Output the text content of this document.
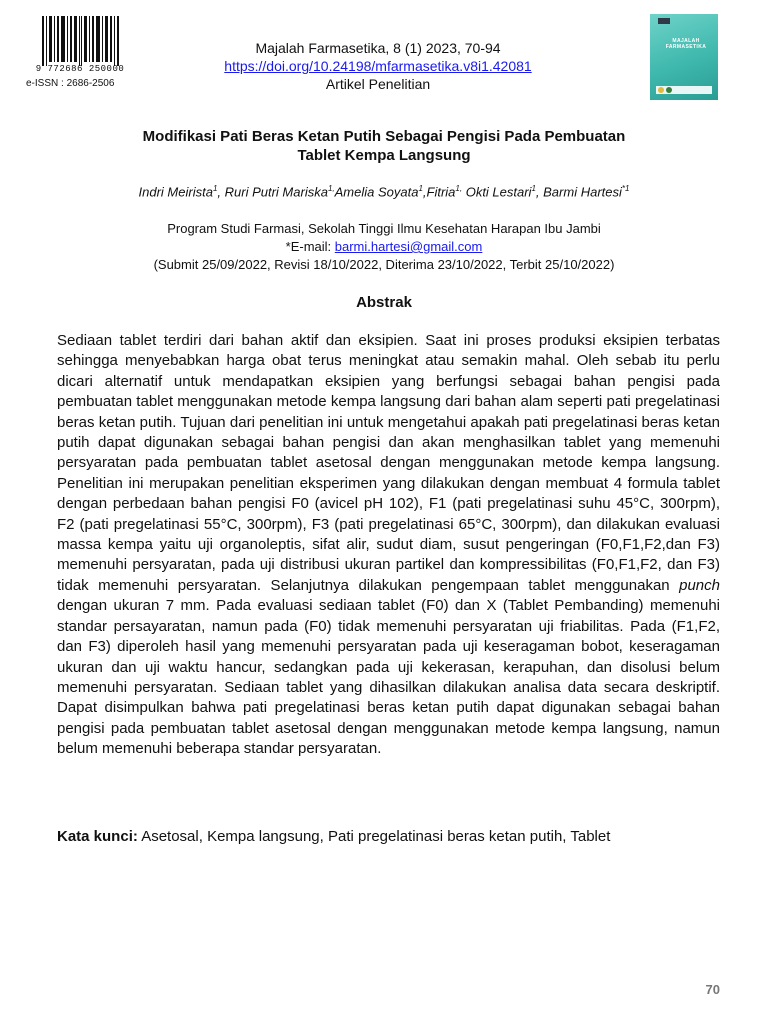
9 772686 250000
e-ISSN : 2686-2506
Majalah Farmasetika, 8 (1) 2023, 70-94
https://doi.org/10.24198/mfarmasetika.v8i1.42081
Artikel Penelitian
MAJALAH
FARMASETIKA
Modifikasi Pati Beras Ketan Putih Sebagai Pengisi Pada Pembuatan
Tablet Kempa Langsung
Indri Meirista$^1$, Ruri Putri Mariska$^{1,}$Amelia Soyata$^1$,Fitria$^{1,}$ Okti Lestari$^1$, Barmi Hartesi$^{*1}$
Program Studi Farmasi, Sekolah Tinggi Ilmu Kesehatan Harapan Ibu Jambi
*E-mail: barmi.hartesi@gmail.com
(Submit 25/09/2022, Revisi 18/10/2022, Diterima 23/10/2022, Terbit 25/10/2022)
Abstrak

Sediaan tablet terdiri dari bahan aktif dan eksipien. Saat ini proses produksi eksipien terbatas sehingga menyebabkan harga obat terus meningkat atau semakin mahal. Oleh sebab itu perlu dicari alternatif untuk mendapatkan eksipien yang berfungsi sebagai bahan pengisi pada pembuatan tablet menggunakan metode kempa langsung dari bahan alam seperti pati pregelatinasi beras ketan putih. Tujuan dari penelitian ini untuk mengetahui apakah pati pregelatinasi beras ketan putih dapat digunakan sebagai bahan pengisi dan akan menghasilkan tablet yang memenuhi persyaratan pada pembuatan tablet asetosal dengan menggunakan metode kempa langsung. Penelitian ini merupakan penelitian eksperimen yang dilakukan dengan membuat 4 formula tablet dengan perbedaan bahan pengisi F0 (avicel pH 102), F1 (pati pregelatinasi suhu 45°C, 300rpm), F2 (pati pregelatinasi 55°C, 300rpm), F3 (pati pregelatinasi 65°C, 300rpm), dan dilakukan evaluasi massa kempa yaitu uji organoleptis, sifat alir, sudut diam, susut pengeringan (F0,F1,F2,dan F3) memenuhi persyaratan, pada uji distribusi ukuran partikel dan kompressibilitas (F0,F1,F2, dan F3) tidak memenuhi persyaratan. Selanjutnya dilakukan pengempaan tablet menggunakan punch dengan ukuran 7 mm. Pada evaluasi sediaan tablet (F0) dan X (Tablet Pembanding) memenuhi standar persayaratan, namun pada (F0) tidak memenuhi persyaratan uji friabilitas. Pada (F1,F2, dan F3) diperoleh hasil yang memenuhi persyaratan pada uji keseragaman bobot, keseragaman ukuran dan uji waktu hancur, sedangkan pada uji kekerasan, kerapuhan, dan disolusi belum memenuhi persyaratan. Sediaan tablet yang dihasilkan dilakukan analisa data secara deskriptif. Dapat disimpulkan bahwa pati pregelatinasi beras ketan putih dapat digunakan sebagai bahan pengisi pada pembuatan tablet asetosal dengan menggunakan metode kempa langsung, namun belum memenuhi beberapa standar persyaratan.

Kata kunci: Asetosal, Kempa langsung, Pati pregelatinasi beras ketan putih, Tablet
70
